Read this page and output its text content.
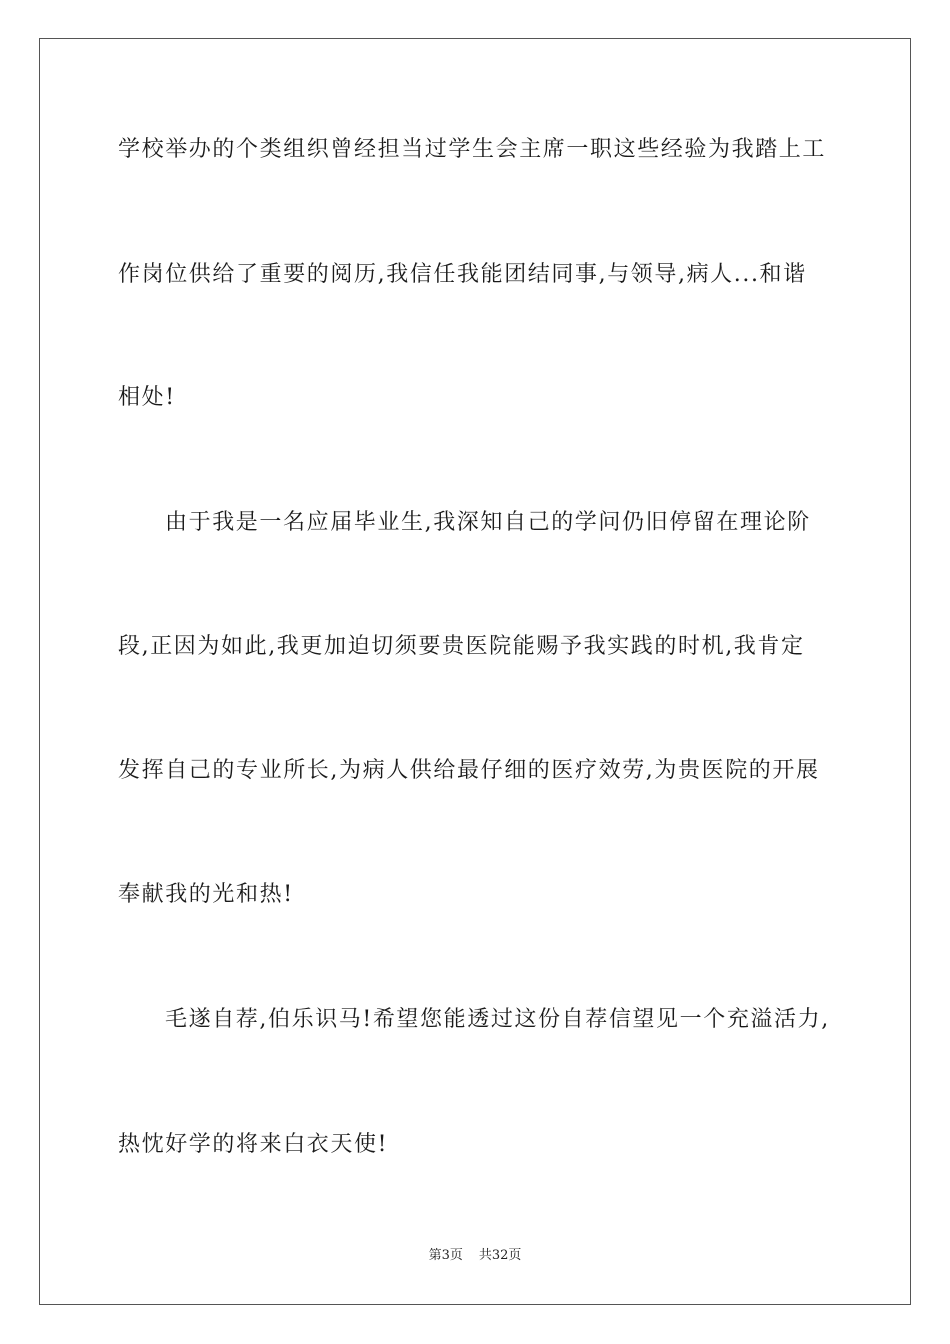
学校举办的个类组织曾经担当过学生会主席一职这些经验为我踏上工
作岗位供给了重要的阅历,我信任我能团结同事,与领导,病人...和谐
相处!
由于我是一名应届毕业生,我深知自己的学问仍旧停留在理论阶
段,正因为如此,我更加迫切须要贵医院能赐予我实践的时机,我肯定
发挥自己的专业所长,为病人供给最仔细的医疗效劳,为贵医院的开展
奉献我的光和热!
毛遂自荐,伯乐识马!希望您能透过这份自荐信望见一个充溢活力,
热忱好学的将来白衣天使!
第3页 共32页
